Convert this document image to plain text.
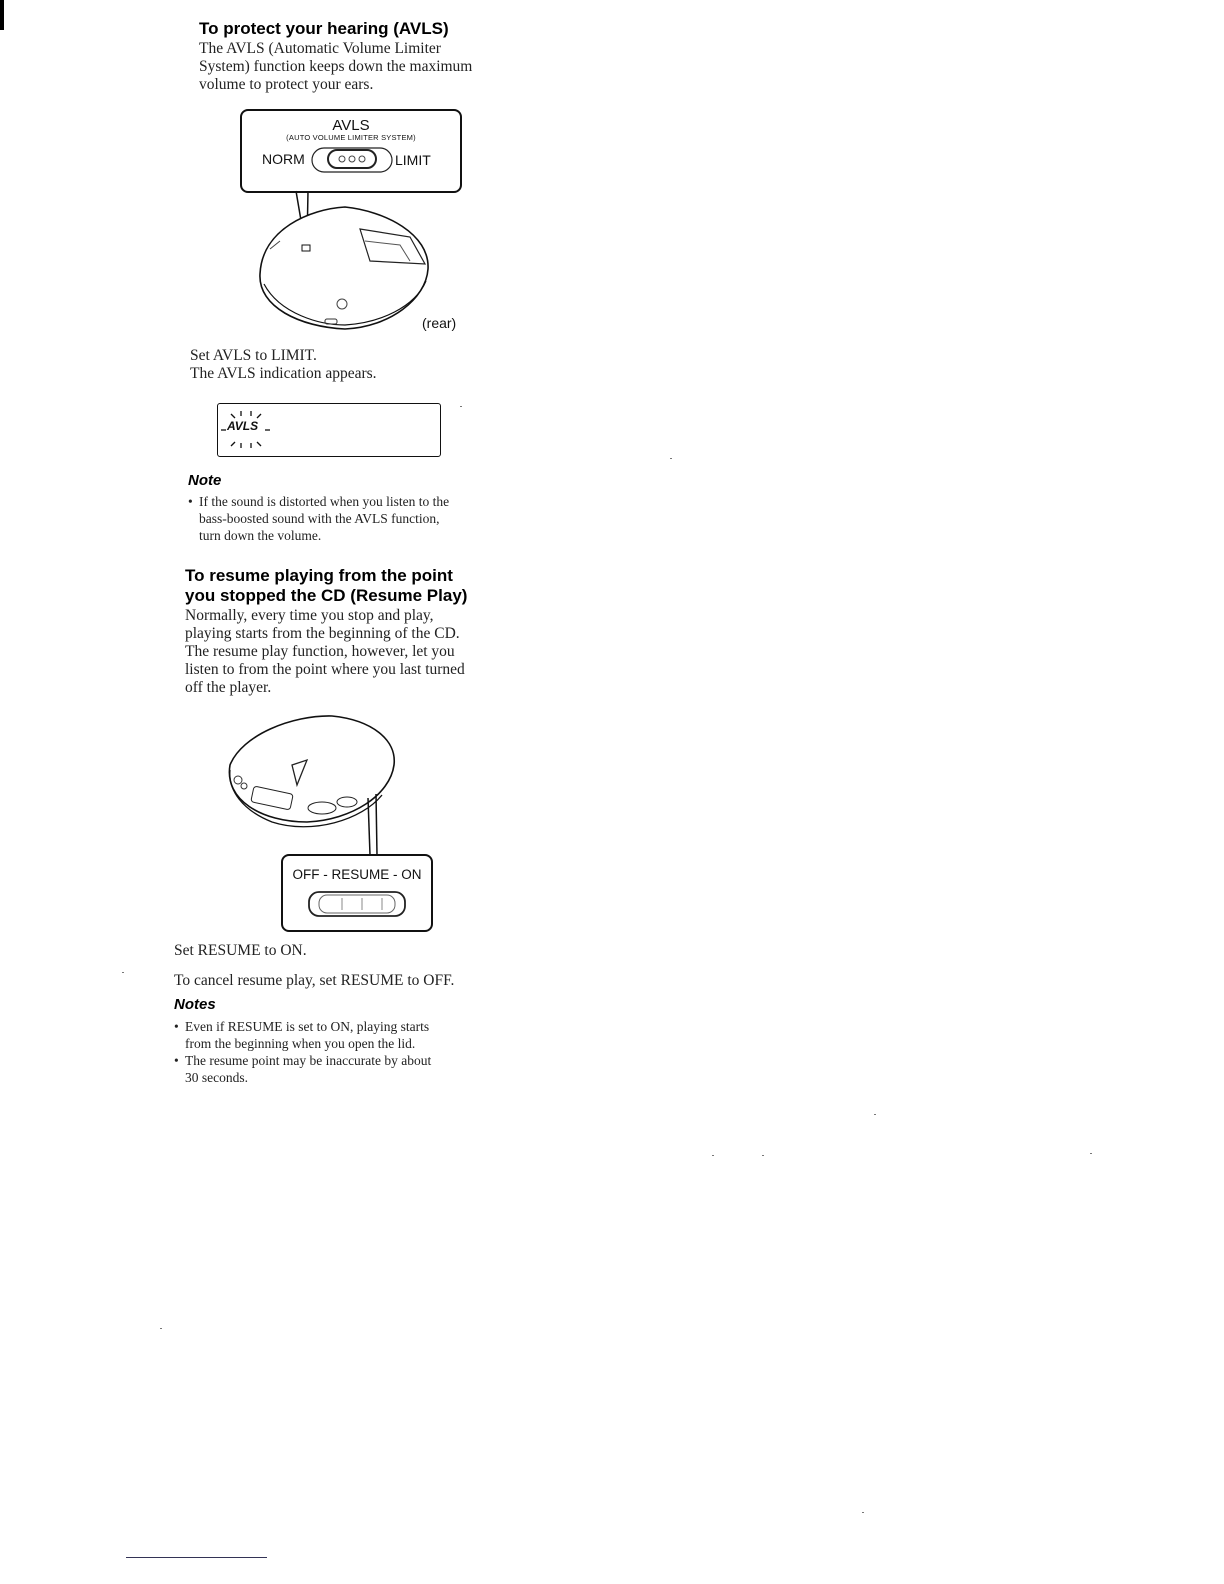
To protect your hearing (AVLS)
The AVLS (Automatic Volume Limiter
System) function keeps down the maximum
volume to protect your ears.
AVLS
(AUTO VOLUME LIMITER SYSTEM)
NORM	LIMIT
(rear)
Set AVLS to LIMIT.
The AVLS indication appears.
AVLS
Note
• If the sound is distorted when you listen to the
bass-boosted sound with the AVLS function,
turn down the volume.
To resume playing from the point
you stopped the CD (Resume Play)
Normally, every time you stop and play,
playing starts from the beginning of the CD.
The resume play function, however, let you
listen to from the point where you last turned
off the player.
OFF - RESUME - ON
Set RESUME to ON.
To cancel resume play, set RESUME to OFF.
Notes
• Even if RESUME is set to ON, playing starts
from the beginning when you open the lid.
• The resume point may be inaccurate by about
30 seconds.
